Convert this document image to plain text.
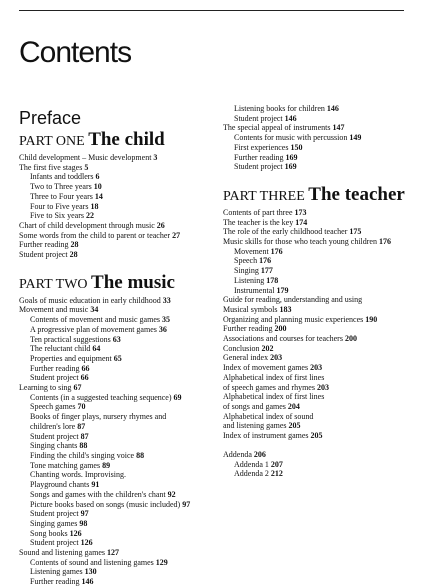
Contents
Preface
PART ONE The child
Child development – Music development 3
The first five stages 5
Infants and toddlers 6
Two to Three years 10
Three to Four years 14
Four to Five years 18
Five to Six years 22
Chart of child development through music 26
Some words from the child to parent or teacher 27
Further reading 28
Student project 28
PART TWO The music
Goals of music education in early childhood 33
Movement and music 34
Contents of movement and music games 35
A progressive plan of movement games 36
Ten practical suggestions 63
The reluctant child 64
Properties and equipment 65
Further reading 66
Student project 66
Learning to sing 67
Contents (in a suggested teaching sequence) 69
Speech games 70
Books of finger plays, nursery rhymes and
children's lore 87
Student project 87
Singing chants 88
Finding the child's singing voice 88
Tone matching games 89
Chanting words. Improvising.
Playground chants 91
Songs and games with the children's chant 92
Picture books based on songs (music included) 97
Student project 97
Singing games 98
Song books 126
Student project 126
Sound and listening games 127
Contents of sound and listening games 129
Listening games 130
Further reading 146
Listening books for children 146
Student project 146
The special appeal of instruments 147
Contents for music with percussion 149
First experiences 150
Further reading 169
Student project 169
PART THREE The teacher
Contents of part three 173
The teacher is the key 174
The role of the early childhood teacher 175
Music skills for those who teach young children 176
Movement 176
Speech 176
Singing 177
Listening 178
Instrumental 179
Guide for reading, understanding and using
Musical symbols 183
Organizing and planning music experiences 190
Further reading 200
Associations and courses for teachers 200
Conclusion 202
General index 203
Index of movement games 203
Alphabetical index of first lines
of speech games and rhymes 203
Alphabetical index of first lines
of songs and games 204
Alphabetical index of sound
and listening games 205
Index of instrument games 205
Addenda 206
Addenda 1 207
Addenda 2 212
